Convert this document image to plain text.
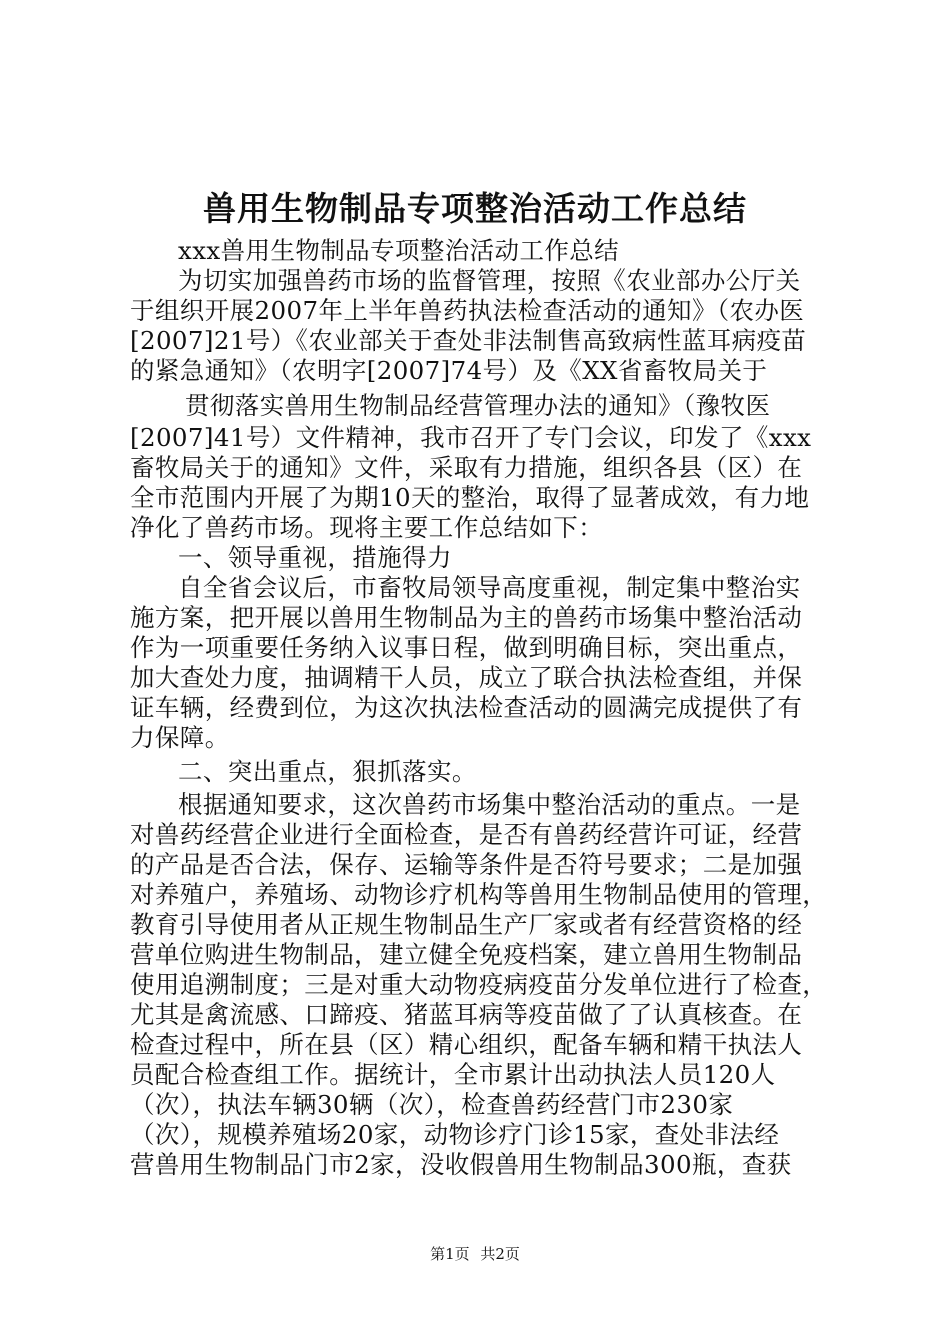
兽用生物制品专项整治活动工作总结
xxx兽用生物制品专项整治活动工作总结
为切实加强兽药市场的监督管理，按照《农业部办公厅关
于组织开展2007年上半年兽药执法检查活动的通知》（农办医
[2007]21号）《农业部关于查处非法制售高致病性蓝耳病疫苗
的紧急通知》（农明字[2007]74号）及《XX省畜牧局关于
贯彻落实兽用生物制品经营管理办法的通知》（豫牧医
[2007]41号）文件精神，我市召开了专门会议，印发了《xxx
畜牧局关于的通知》文件，采取有力措施，组织各县（区）在
全市范围内开展了为期10天的整治，取得了显著成效，有力地
净化了兽药市场。现将主要工作总结如下：
一、领导重视，措施得力
自全省会议后，市畜牧局领导高度重视，制定集中整治实
施方案，把开展以兽用生物制品为主的兽药市场集中整治活动
作为一项重要任务纳入议事日程，做到明确目标，突出重点，
加大查处力度，抽调精干人员，成立了联合执法检查组，并保
证车辆，经费到位，为这次执法检查活动的圆满完成提供了有
力保障。
二、突出重点，狠抓落实。
根据通知要求，这次兽药市场集中整治活动的重点。一是
对兽药经营企业进行全面检查，是否有兽药经营许可证，经营
的产品是否合法，保存、运输等条件是否符号要求；二是加强
对养殖户，养殖场、动物诊疗机构等兽用生物制品使用的管理，
教育引导使用者从正规生物制品生产厂家或者有经营资格的经
营单位购进生物制品，建立健全免疫档案，建立兽用生物制品
使用追溯制度；三是对重大动物疫病疫苗分发单位进行了检查，
尤其是禽流感、口蹄疫、猪蓝耳病等疫苗做了了认真核查。在
检查过程中，所在县（区）精心组织，配备车辆和精干执法人
员配合检查组工作。据统计，全市累计出动执法人员120人
（次），执法车辆30辆（次），检查兽药经营门市230家
（次），规模养殖场20家，动物诊疗门诊15家，查处非法经
营兽用生物制品门市2家，没收假兽用生物制品300瓶，查获
第1页 共2页
